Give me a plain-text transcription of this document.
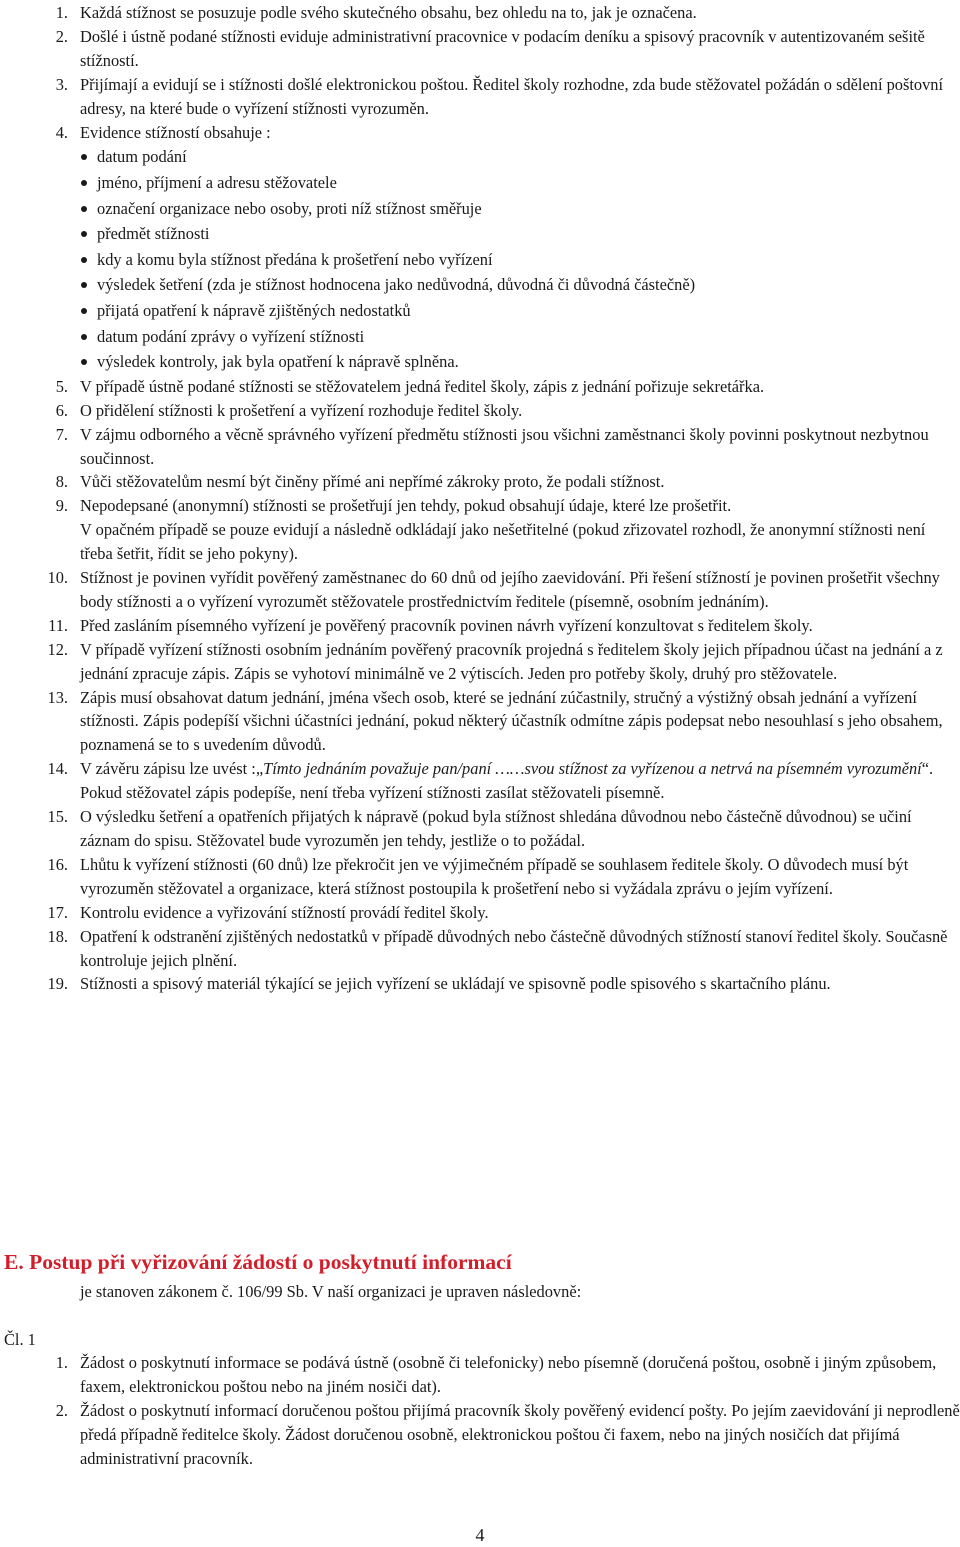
1. Každá stížnost se posuzuje podle svého skutečného obsahu, bez ohledu na to, jak je označena.
2. Došlé i ústně podané stížnosti eviduje administrativní pracovnice v podacím deníku a spisový pracovník v autentizovaném sešitě stížností.
3. Přijímají a evidují se i stížnosti došlé elektronickou poštou. Ředitel školy rozhodne, zda bude stěžovatel požádán o sdělení poštovní adresy, na které bude o vyřízení stížnosti vyrozuměn.
4. Evidence stížností obsahuje :
datum podání
jméno, příjmení a adresu stěžovatele
označení organizace nebo osoby, proti níž stížnost směřuje
předmět stížnosti
kdy a komu byla stížnost předána k prošetření nebo vyřízení
výsledek šetření (zda je stížnost hodnocena jako nedůvodná, důvodná či důvodná částečně)
přijatá opatření k nápravě zjištěných nedostatků
datum podání zprávy o vyřízení stížnosti
výsledek kontroly, jak byla opatření k nápravě splněna.
5. V případě ústně podané stížnosti se stěžovatelem jedná ředitel školy, zápis z jednání pořizuje sekretářka.
6. O přidělení stížnosti k prošetření a vyřízení rozhoduje ředitel školy.
7. V zájmu odborného a věcně správného vyřízení předmětu stížnosti jsou všichni zaměstnanci školy povinni poskytnout nezbytnou součinnost.
8. Vůči stěžovatelům nesmí být činěny přímé ani nepřímé zákroky proto, že podali stížnost.
9. Nepodepsané (anonymní) stížnosti se prošetřují jen tehdy, pokud obsahují údaje, které lze prošetřit.
V opačném případě se pouze evidují a následně odkládají jako nešetřitelné (pokud zřizovatel rozhodl, že anonymní stížnosti není třeba šetřit, řídit se jeho pokyny).
10. Stížnost je povinen vyřídit pověřený zaměstnanec do 60 dnů od jejího zaevidování. Při řešení stížností je povinen prošetřit všechny body stížnosti a o vyřízení vyrozumět stěžovatele prostřednictvím ředitele (písemně, osobním jednáním).
11. Před zasláním písemného vyřízení je pověřený pracovník povinen návrh vyřízení konzultovat s ředitelem školy.
12. V případě vyřízení stížnosti osobním jednáním pověřený pracovník projedná s ředitelem školy jejich případnou účast na jednání a z jednání zpracuje zápis. Zápis se vyhotoví minimálně ve 2 výtiscích. Jeden pro potřeby školy, druhý pro stěžovatele.
13. Zápis musí obsahovat datum jednání, jména všech osob, které se jednání zúčastnily, stručný a výstižný obsah jednání a vyřízení stížnosti. Zápis podepíší všichni účastníci jednání, pokud některý účastník odmítne zápis podepsat nebo nesouhlasí s jeho obsahem, poznamená se to s uvedením důvodů.
14. V závěru zápisu lze uvést :„Tímto jednáním považuje pan/paní ……svou stížnost za vyřízenou a netrvá na písemném vyrozumění“. Pokud stěžovatel zápis podepíše, není třeba vyřízení stížnosti zasílat stěžovateli písemně.
15. O výsledku šetření a opatřeních přijatých k nápravě (pokud byla stížnost shledána důvodnou nebo částečně důvodnou) se učiní záznam do spisu. Stěžovatel bude vyrozuměn jen tehdy, jestliže o to požádal.
16. Lhůtu k vyřízení stížnosti (60 dnů) lze překročit jen ve výjimečném případě se souhlasem ředitele školy. O důvodech musí být vyrozuměn stěžovatel a organizace, která stížnost postoupila k prošetření nebo si vyžádala zprávu o jejím vyřízení.
17. Kontrolu evidence a vyřizování stížností provádí ředitel školy.
18. Opatření k odstranění zjištěných nedostatků v případě důvodných nebo částečně důvodných stížností stanoví ředitel školy. Současně kontroluje jejich plnění.
19. Stížnosti a spisový materiál týkající se jejich vyřízení se ukládají ve spisovně podle spisového s skartačního plánu.
E. Postup při vyřizování žádostí o poskytnutí informací
je stanoven zákonem č. 106/99 Sb. V naší organizaci je upraven následovně:
Čl. 1
1. Žádost o poskytnutí informace se podává ústně (osobně či telefonicky) nebo písemně (doručená poštou, osobně i jiným způsobem, faxem, elektronickou poštou nebo na jiném nosiči dat).
2. Žádost o poskytnutí informací doručenou poštou přijímá pracovník školy pověřený evidencí pošty. Po jejím zaevidování ji neprodleně předá případně ředitelce školy. Žádost doručenou osobně, elektronickou poštou či faxem, nebo na jiných nosičích dat přijímá administrativní pracovník.
4
